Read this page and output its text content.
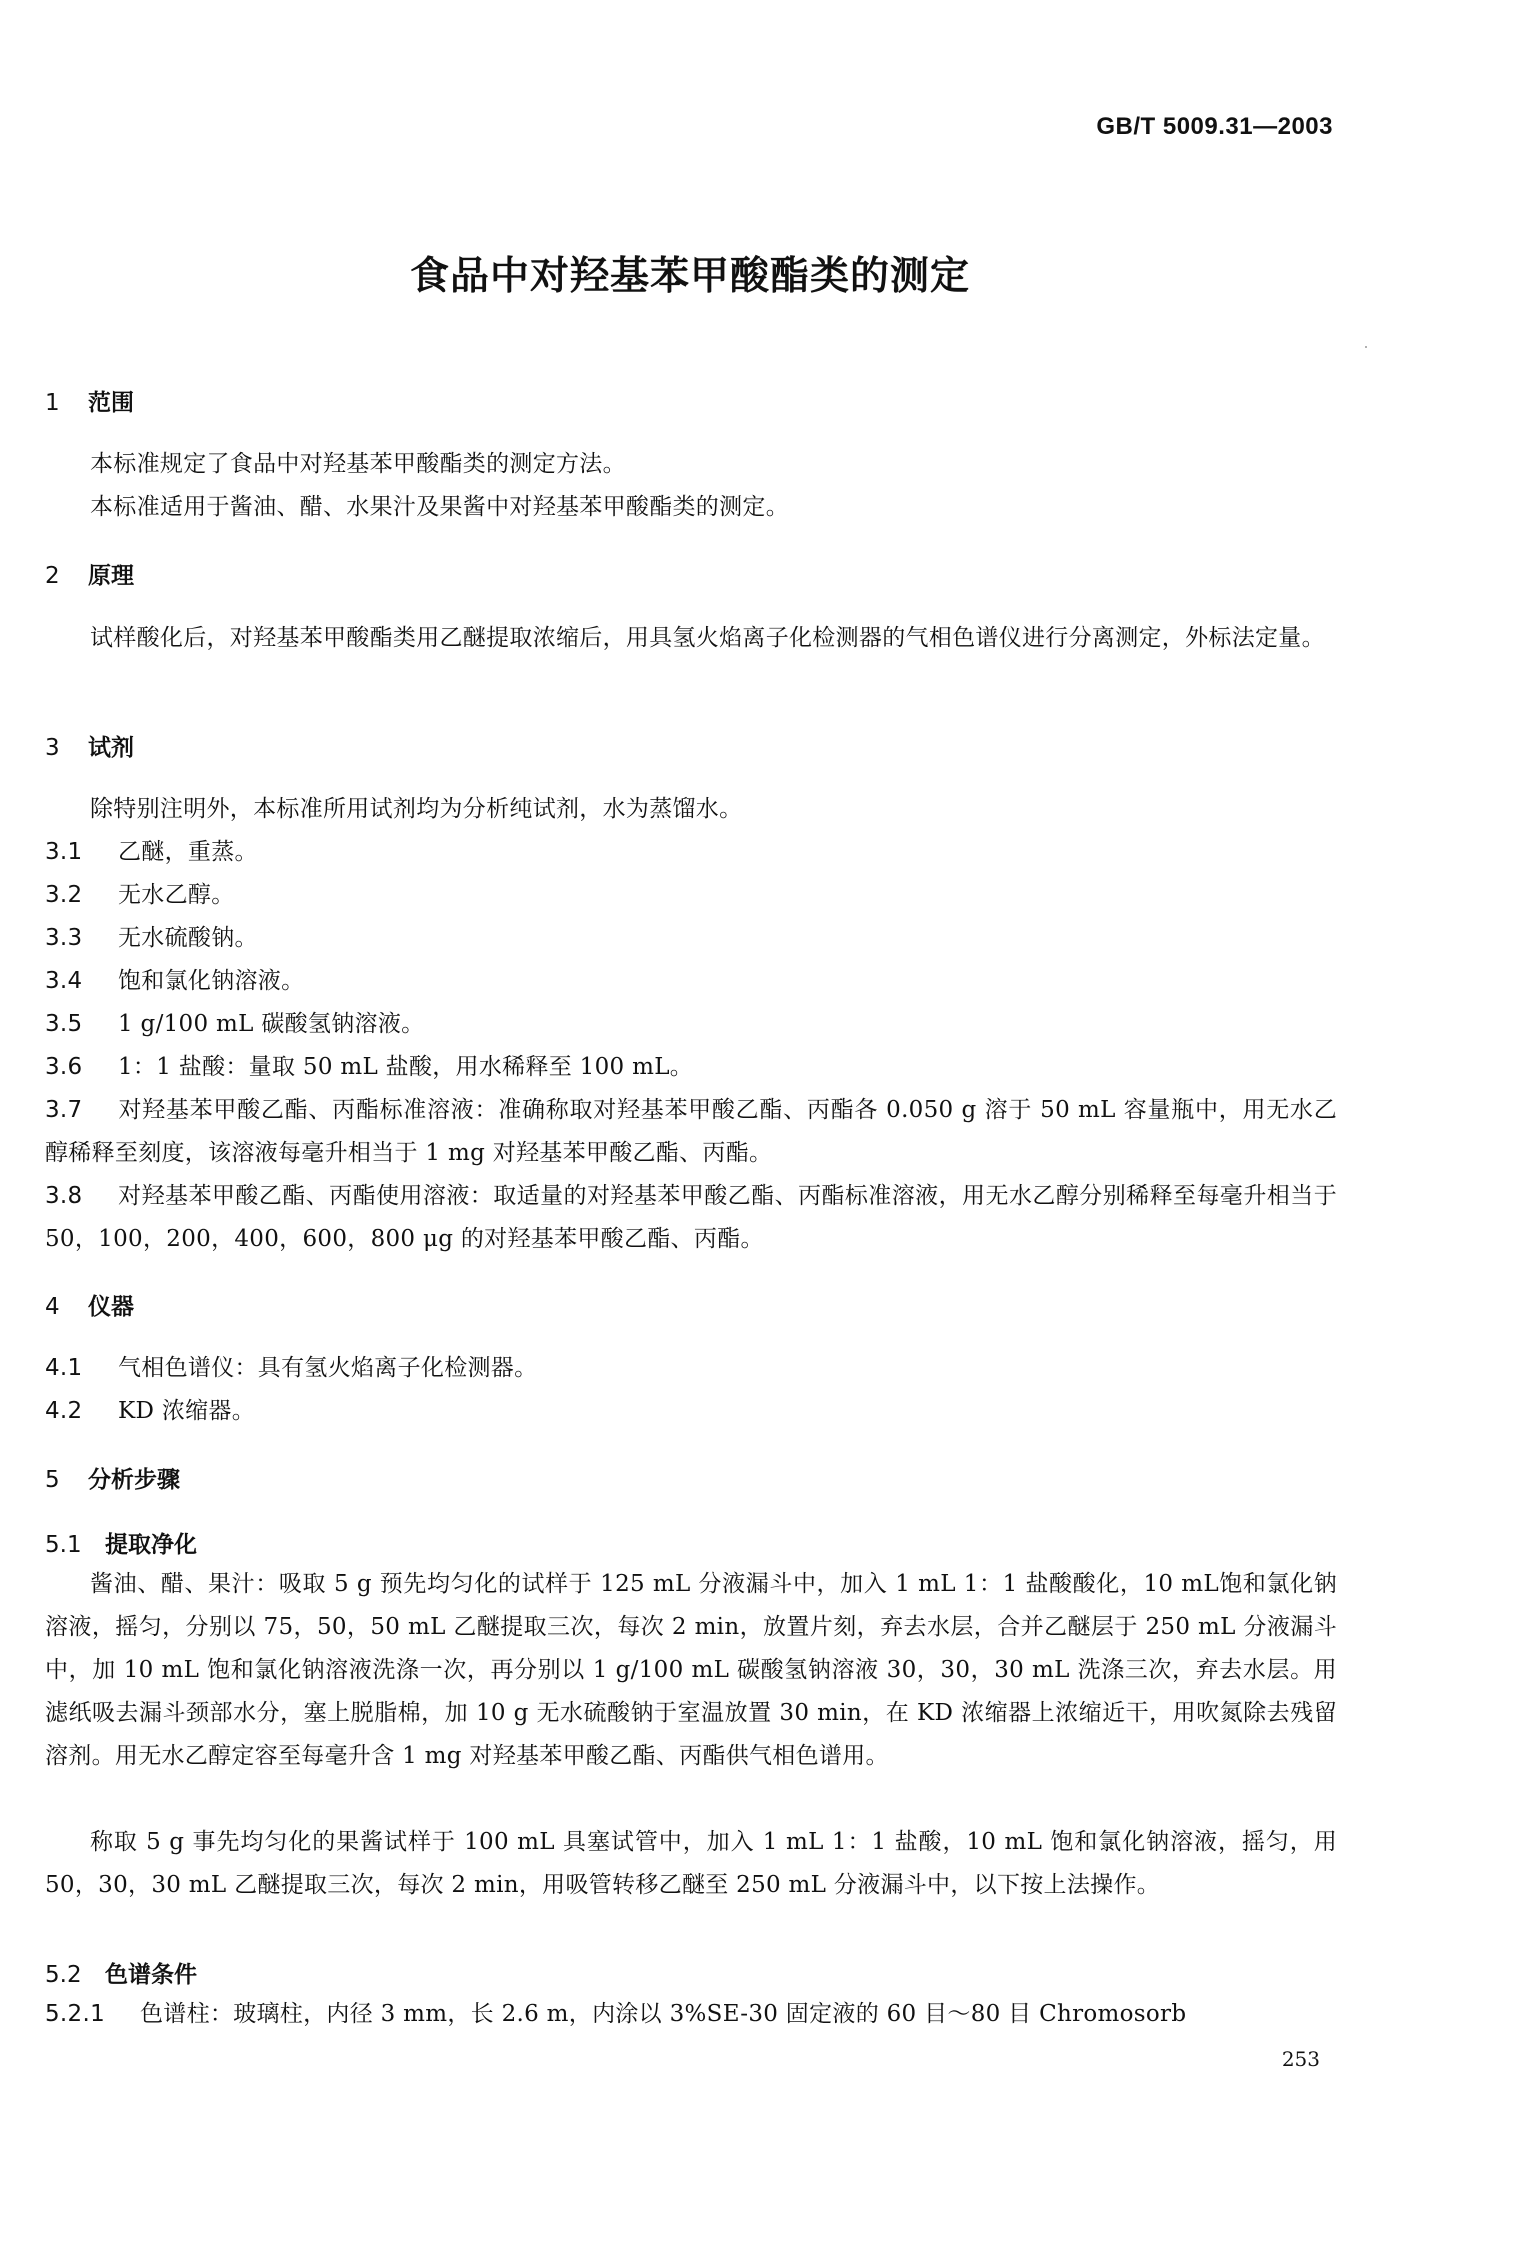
GB/T 5009.31—2003
食品中对羟基苯甲酸酯类的测定
1 范围
本标准规定了食品中对羟基苯甲酸酯类的测定方法。
本标准适用于酱油、醋、水果汁及果酱中对羟基苯甲酸酯类的测定。
2 原理
试样酸化后，对羟基苯甲酸酯类用乙醚提取浓缩后，用具氢火焰离子化检测器的气相色谱仪进行分离测定，外标法定量。
3 试剂
除特别注明外，本标准所用试剂均为分析纯试剂，水为蒸馏水。
3.1 乙醚，重蒸。
3.2 无水乙醇。
3.3 无水硫酸钠。
3.4 饱和氯化钠溶液。
3.5 1 g/100 mL 碳酸氢钠溶液。
3.6 1：1 盐酸：量取 50 mL 盐酸，用水稀释至 100 mL。
3.7 对羟基苯甲酸乙酯、丙酯标准溶液：准确称取对羟基苯甲酸乙酯、丙酯各 0.050 g 溶于 50 mL 容量瓶中，用无水乙醇稀释至刻度，该溶液每毫升相当于 1 mg 对羟基苯甲酸乙酯、丙酯。
3.8 对羟基苯甲酸乙酯、丙酯使用溶液：取适量的对羟基苯甲酸乙酯、丙酯标准溶液，用无水乙醇分别稀释至每毫升相当于 50，100，200，400，600，800 μg 的对羟基苯甲酸乙酯、丙酯。
4 仪器
4.1 气相色谱仪：具有氢火焰离子化检测器。
4.2 KD 浓缩器。
5 分析步骤
5.1 提取净化
酱油、醋、果汁：吸取 5 g 预先均匀化的试样于 125 mL 分液漏斗中，加入 1 mL 1：1 盐酸酸化，10 mL饱和氯化钠溶液，摇匀，分别以 75，50，50 mL 乙醚提取三次，每次 2 min，放置片刻，弃去水层，合并乙醚层于 250 mL 分液漏斗中，加 10 mL 饱和氯化钠溶液洗涤一次，再分别以 1 g/100 mL 碳酸氢钠溶液 30，30，30 mL 洗涤三次，弃去水层。用滤纸吸去漏斗颈部水分，塞上脱脂棉，加 10 g 无水硫酸钠于室温放置 30 min，在 KD 浓缩器上浓缩近干，用吹氮除去残留溶剂。用无水乙醇定容至每毫升含 1 mg 对羟基苯甲酸乙酯、丙酯供气相色谱用。
称取 5 g 事先均匀化的果酱试样于 100 mL 具塞试管中，加入 1 mL 1：1 盐酸，10 mL 饱和氯化钠溶液，摇匀，用 50，30，30 mL 乙醚提取三次，每次 2 min，用吸管转移乙醚至 250 mL 分液漏斗中，以下按上法操作。
5.2 色谱条件
5.2.1 色谱柱：玻璃柱，内径 3 mm，长 2.6 m，内涂以 3%SE-30 固定液的 60 目～80 目 Chromosorb
253
